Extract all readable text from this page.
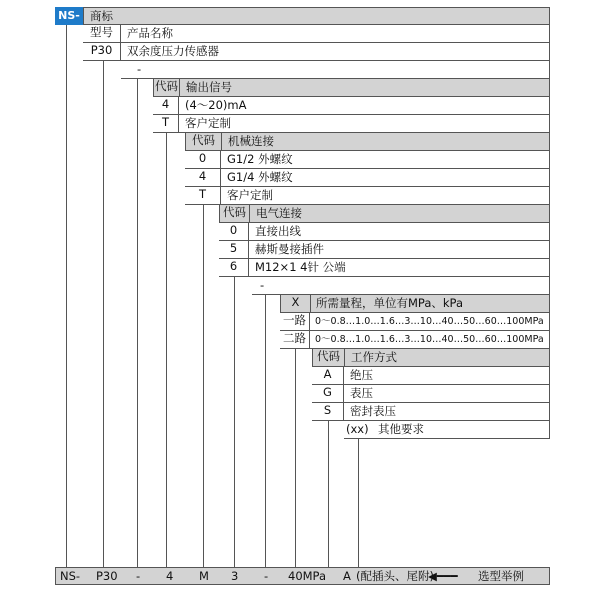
NS- 商标
型号	产品名称
P30	双余度压力传感器
-
代码 输出信号
4	(4～20)mA
T	客户定制
代码	机械连接
0	G1/2 外螺纹
4	G1/4 外螺纹
T	客户定制
代码 电气连接
0	直接出线
5	赫斯曼接插件
6	M12×1 4针 公端
-
X	所需量程，单位有MPa、kPa
一路 0～0.8…1.0…1.6…3…10…40…50…60…100MPa
二路 0～0.8…1.0…1.6…3…10…40…50…60…100MPa
代码 工作方式
A	绝压
G	表压
S	密封表压
(xx) 其他要求
NS- P30 - 4 M 3 - 40MPa A (配插头、尾附)
◀━━━ 选型举例
